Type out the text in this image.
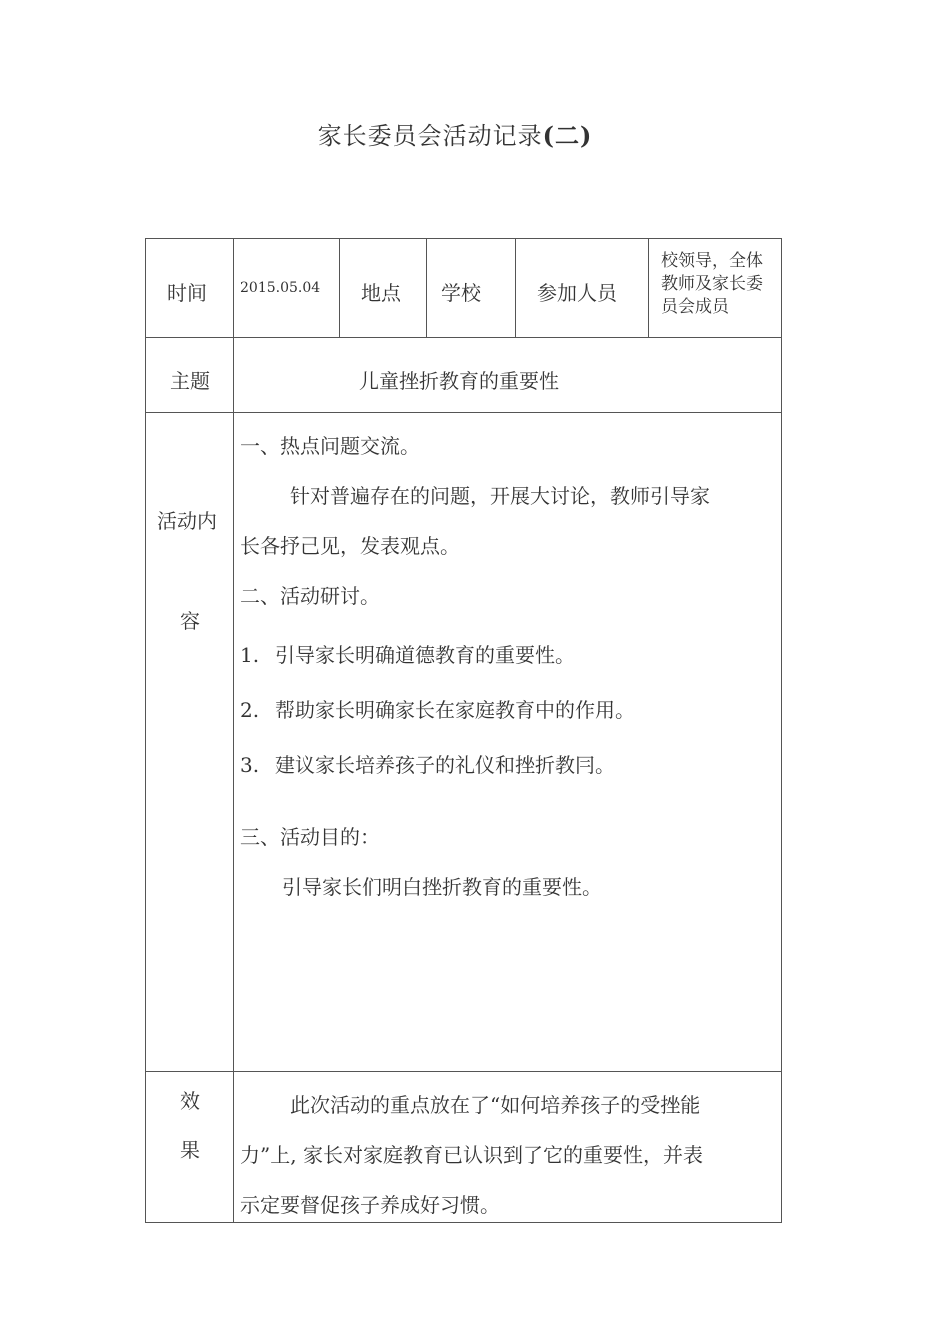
家长委员会活动记录(二)
时间 2015.05.04 地点 学校	参加人员
校领导，全体教师及家长委员会成员
主题	儿童挫折教育的重要性
活动内
容
一、热点问题交流。
针对普遍存在的问题，开展大讨论，教师引导家
长各抒己见，发表观点。
二、活动研讨。
1. 引导家长明确道德教育的重要性。
2. 帮助家长明确家长在家庭教育中的作用。
3. 建议家长培养孩子的礼仪和挫折教冃。
三、活动目的：
引导家长们明白挫折教育的重要性。
效
果
此次活动的重点放在了“如何培养孩子的受挫能
力”上, 家长对家庭教育已认识到了它的重要性，并表
示定要督促孩子养成好习惯。
